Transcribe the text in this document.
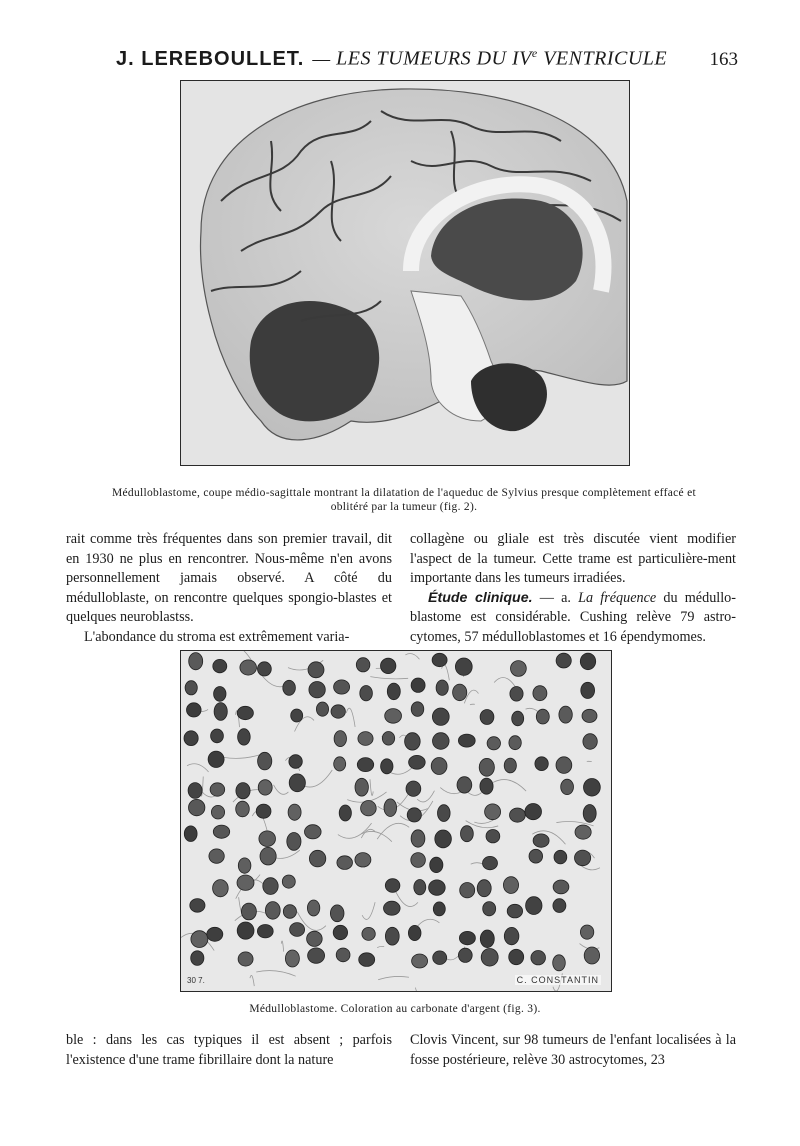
J. LEREBOULLET. — LES TUMEURS DU IVe VENTRICULE 163
Médulloblastome, coupe médio-sagittale montrant la dilatation de l'aqueduc de Sylvius presque complètement effacé et
oblitéré par la tumeur (fig. 2).

rait comme très fréquentes dans son premier travail, dit en 1930 ne plus en rencontrer. Nous-même n'en avons personnellement jamais observé. A côté du médulloblaste, on rencontre quelques spongio-blastes et quelques neuroblastss.

L'abondance du stroma est extrêmement varia-

collagène ou gliale est très discutée vient modifier l'aspect de la tumeur. Cette trame est particulière-ment importante dans les tumeurs irradiées.

Étude clinique. — a. La fréquence du médullo-blastome est considérable. Cushing relève 79 astro-cytomes, 57 médulloblastomes et 16 épendymomes.

30 7.	C. CONSTANTIN
Médulloblastome. Coloration au carbonate d'argent (fig. 3).

ble : dans les cas typiques il est absent ; parfois l'existence d'une trame fibrillaire dont la nature

Clovis Vincent, sur 98 tumeurs de l'enfant localisées à la fosse postérieure, relève 30 astrocytomes, 23
